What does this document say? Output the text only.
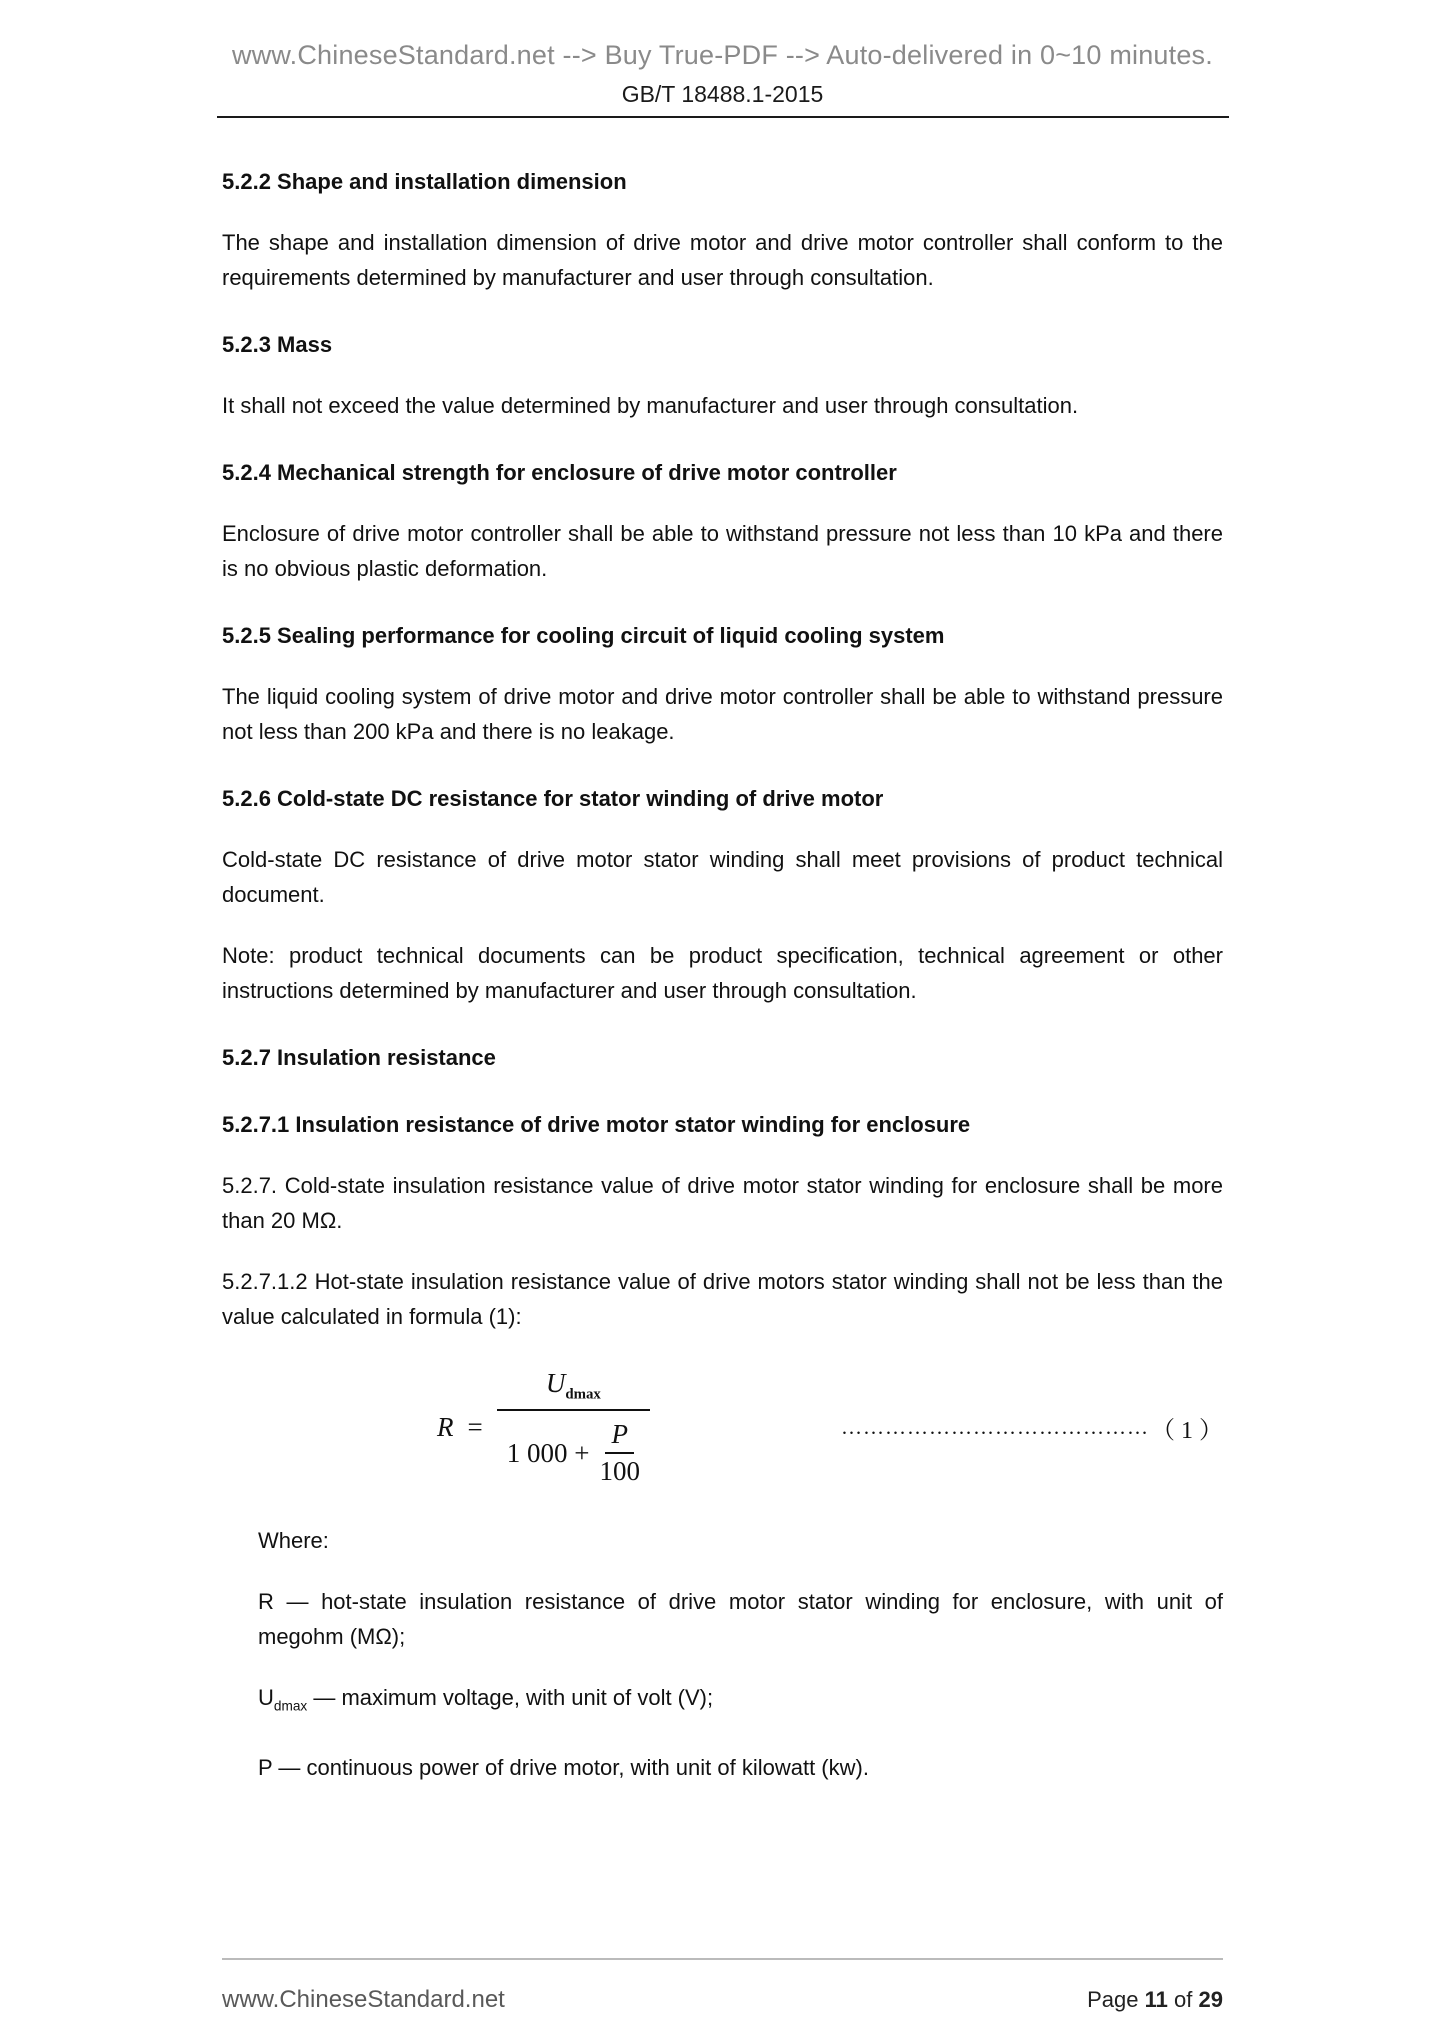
www.ChineseStandard.net --> Buy True-PDF --> Auto-delivered in 0~10 minutes.
GB/T 18488.1-2015
5.2.2 Shape and installation dimension
The shape and installation dimension of drive motor and drive motor controller shall conform to the requirements determined by manufacturer and user through consultation.
5.2.3 Mass
It shall not exceed the value determined by manufacturer and user through consultation.
5.2.4 Mechanical strength for enclosure of drive motor controller
Enclosure of drive motor controller shall be able to withstand pressure not less than 10 kPa and there is no obvious plastic deformation.
5.2.5 Sealing performance for cooling circuit of liquid cooling system
The liquid cooling system of drive motor and drive motor controller shall be able to withstand pressure not less than 200 kPa and there is no leakage.
5.2.6 Cold-state DC resistance for stator winding of drive motor
Cold-state DC resistance of drive motor stator winding shall meet provisions of product technical document.
Note: product technical documents can be product specification, technical agreement or other instructions determined by manufacturer and user through consultation.
5.2.7 Insulation resistance
5.2.7.1 Insulation resistance of drive motor stator winding for enclosure
5.2.7. Cold-state insulation resistance value of drive motor stator winding for enclosure shall be more than 20 MΩ.
5.2.7.1.2 Hot-state insulation resistance value of drive motors stator winding shall not be less than the value calculated in formula (1):
$R = \frac{U_{dmax}}{1 000 + \frac{P}{100}}$	…………………………………… （ 1 ）
Where:
R — hot-state insulation resistance of drive motor stator winding for enclosure, with unit of megohm (MΩ);
$U_{dmax}$ — maximum voltage, with unit of volt (V);
P — continuous power of drive motor, with unit of kilowatt (kw).
www.ChineseStandard.net	Page 11 of 29
